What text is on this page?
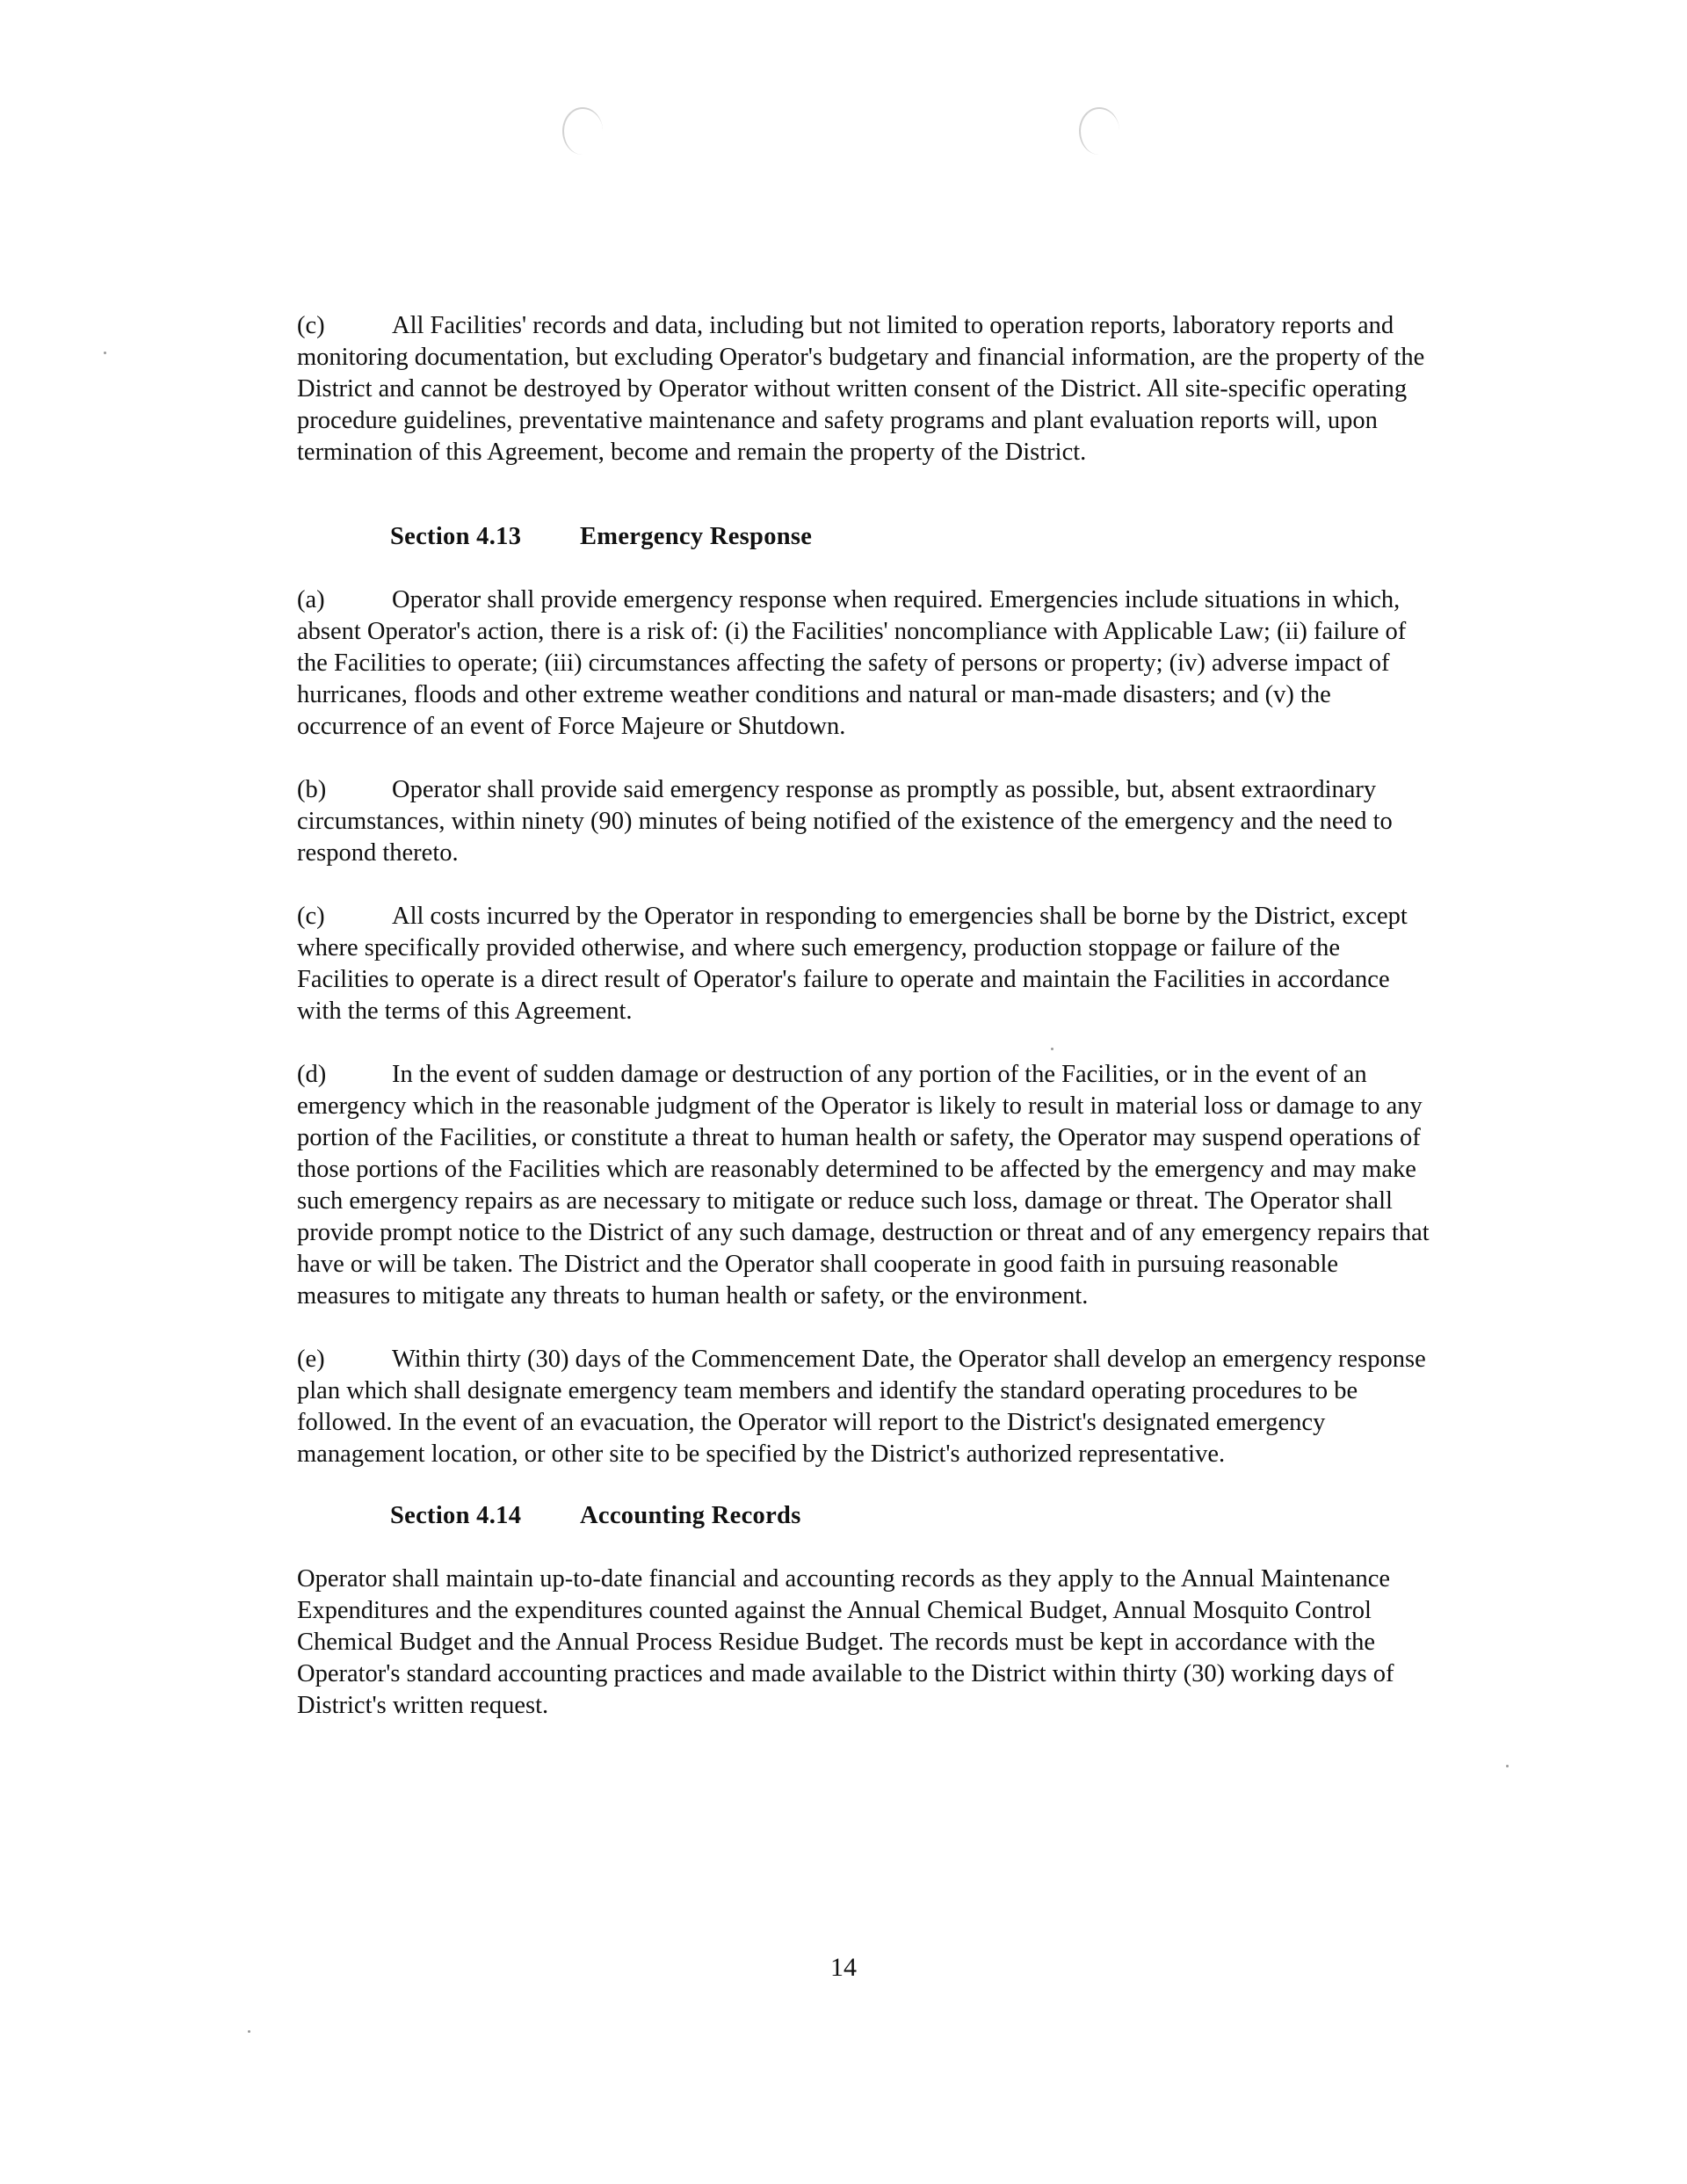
(c)	All Facilities' records and data, including but not limited to operation reports, laboratory reports and monitoring documentation, but excluding Operator's budgetary and financial information, are the property of the District and cannot be destroyed by Operator without written consent of the District. All site-specific operating procedure guidelines, preventative maintenance and safety programs and plant evaluation reports will, upon termination of this Agreement, become and remain the property of the District.

Section 4.13 Emergency Response

(a)	Operator shall provide emergency response when required. Emergencies include situations in which, absent Operator's action, there is a risk of: (i) the Facilities' noncompliance with Applicable Law; (ii) failure of the Facilities to operate; (iii) circumstances affecting the safety of persons or property; (iv) adverse impact of hurricanes, floods and other extreme weather conditions and natural or man-made disasters; and (v) the occurrence of an event of Force Majeure or Shutdown.

(b)	Operator shall provide said emergency response as promptly as possible, but, absent extraordinary circumstances, within ninety (90) minutes of being notified of the existence of the emergency and the need to respond thereto.

(c)	All costs incurred by the Operator in responding to emergencies shall be borne by the District, except where specifically provided otherwise, and where such emergency, production stoppage or failure of the Facilities to operate is a direct result of Operator's failure to operate and maintain the Facilities in accordance with the terms of this Agreement.

(d)	In the event of sudden damage or destruction of any portion of the Facilities, or in the event of an emergency which in the reasonable judgment of the Operator is likely to result in material loss or damage to any portion of the Facilities, or constitute a threat to human health or safety, the Operator may suspend operations of those portions of the Facilities which are reasonably determined to be affected by the emergency and may make such emergency repairs as are necessary to mitigate or reduce such loss, damage or threat. The Operator shall provide prompt notice to the District of any such damage, destruction or threat and of any emergency repairs that have or will be taken. The District and the Operator shall cooperate in good faith in pursuing reasonable measures to mitigate any threats to human health or safety, or the environment.

(e)	Within thirty (30) days of the Commencement Date, the Operator shall develop an emergency response plan which shall designate emergency team members and identify the standard operating procedures to be followed. In the event of an evacuation, the Operator will report to the District's designated emergency management location, or other site to be specified by the District's authorized representative.

Section 4.14 Accounting Records

Operator shall maintain up-to-date financial and accounting records as they apply to the Annual Maintenance Expenditures and the expenditures counted against the Annual Chemical Budget, Annual Mosquito Control Chemical Budget and the Annual Process Residue Budget. The records must be kept in accordance with the Operator's standard accounting practices and made available to the District within thirty (30) working days of District's written request.

14
